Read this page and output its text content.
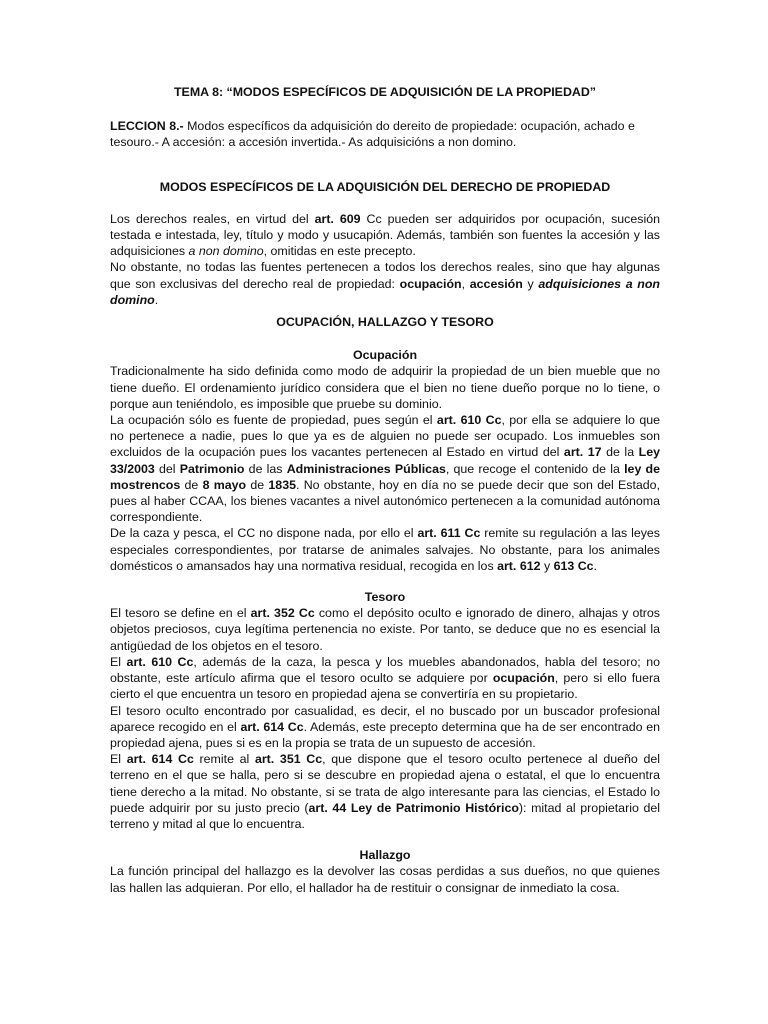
TEMA 8: “MODOS ESPECÍFICOS DE ADQUISICIÓN DE LA PROPIEDAD”

LECCION 8.- Modos específicos da adquisición do dereito de propiedade: ocupación, achado e tesouro.- A accesión: a accesión invertida.- As adquisicións a non domino.

MODOS ESPECÍFICOS DE LA ADQUISICIÓN DEL DERECHO DE PROPIEDAD

Los derechos reales, en virtud del art. 609 Cc pueden ser adquiridos por ocupación, sucesión testada e intestada, ley, título y modo y usucapión. Además, también son fuentes la accesión y las adquisiciones a non domino, omitidas en este precepto.

No obstante, no todas las fuentes pertenecen a todos los derechos reales, sino que hay algunas que son exclusivas del derecho real de propiedad: ocupación, accesión y adquisiciones a non domino.

OCUPACIÓN, HALLAZGO Y TESORO

Ocupación

Tradicionalmente ha sido definida como modo de adquirir la propiedad de un bien mueble que no tiene dueño. El ordenamiento jurídico considera que el bien no tiene dueño porque no lo tiene, o porque aun teniéndolo, es imposible que pruebe su dominio.

La ocupación sólo es fuente de propiedad, pues según el art. 610 Cc, por ella se adquiere lo que no pertenece a nadie, pues lo que ya es de alguien no puede ser ocupado. Los inmuebles son excluidos de la ocupación pues los vacantes pertenecen al Estado en virtud del art. 17 de la Ley 33/2003 del Patrimonio de las Administraciones Públicas, que recoge el contenido de la ley de mostrencos de 8 mayo de 1835. No obstante, hoy en día no se puede decir que son del Estado, pues al haber CCAA, los bienes vacantes a nivel autonómico pertenecen a la comunidad autónoma correspondiente.

De la caza y pesca, el CC no dispone nada, por ello el art. 611 Cc remite su regulación a las leyes especiales correspondientes, por tratarse de animales salvajes. No obstante, para los animales domésticos o amansados hay una normativa residual, recogida en los art. 612 y 613 Cc.

Tesoro

El tesoro se define en el art. 352 Cc como el depósito oculto e ignorado de dinero, alhajas y otros objetos preciosos, cuya legítima pertenencia no existe. Por tanto, se deduce que no es esencial la antigüedad de los objetos en el tesoro.

El art. 610 Cc, además de la caza, la pesca y los muebles abandonados, habla del tesoro; no obstante, este artículo afirma que el tesoro oculto se adquiere por ocupación, pero si ello fuera cierto el que encuentra un tesoro en propiedad ajena se convertiría en su propietario.

El tesoro oculto encontrado por casualidad, es decir, el no buscado por un buscador profesional aparece recogido en el art. 614 Cc. Además, este precepto determina que ha de ser encontrado en propiedad ajena, pues si es en la propia se trata de un supuesto de accesión.

El art. 614 Cc remite al art. 351 Cc, que dispone que el tesoro oculto pertenece al dueño del terreno en el que se halla, pero si se descubre en propiedad ajena o estatal, el que lo encuentra tiene derecho a la mitad. No obstante, si se trata de algo interesante para las ciencias, el Estado lo puede adquirir por su justo precio (art. 44 Ley de Patrimonio Histórico): mitad al propietario del terreno y mitad al que lo encuentra.

Hallazgo

La función principal del hallazgo es la devolver las cosas perdidas a sus dueños, no que quienes las hallen las adquieran. Por ello, el hallador ha de restituir o consignar de inmediato la cosa.
